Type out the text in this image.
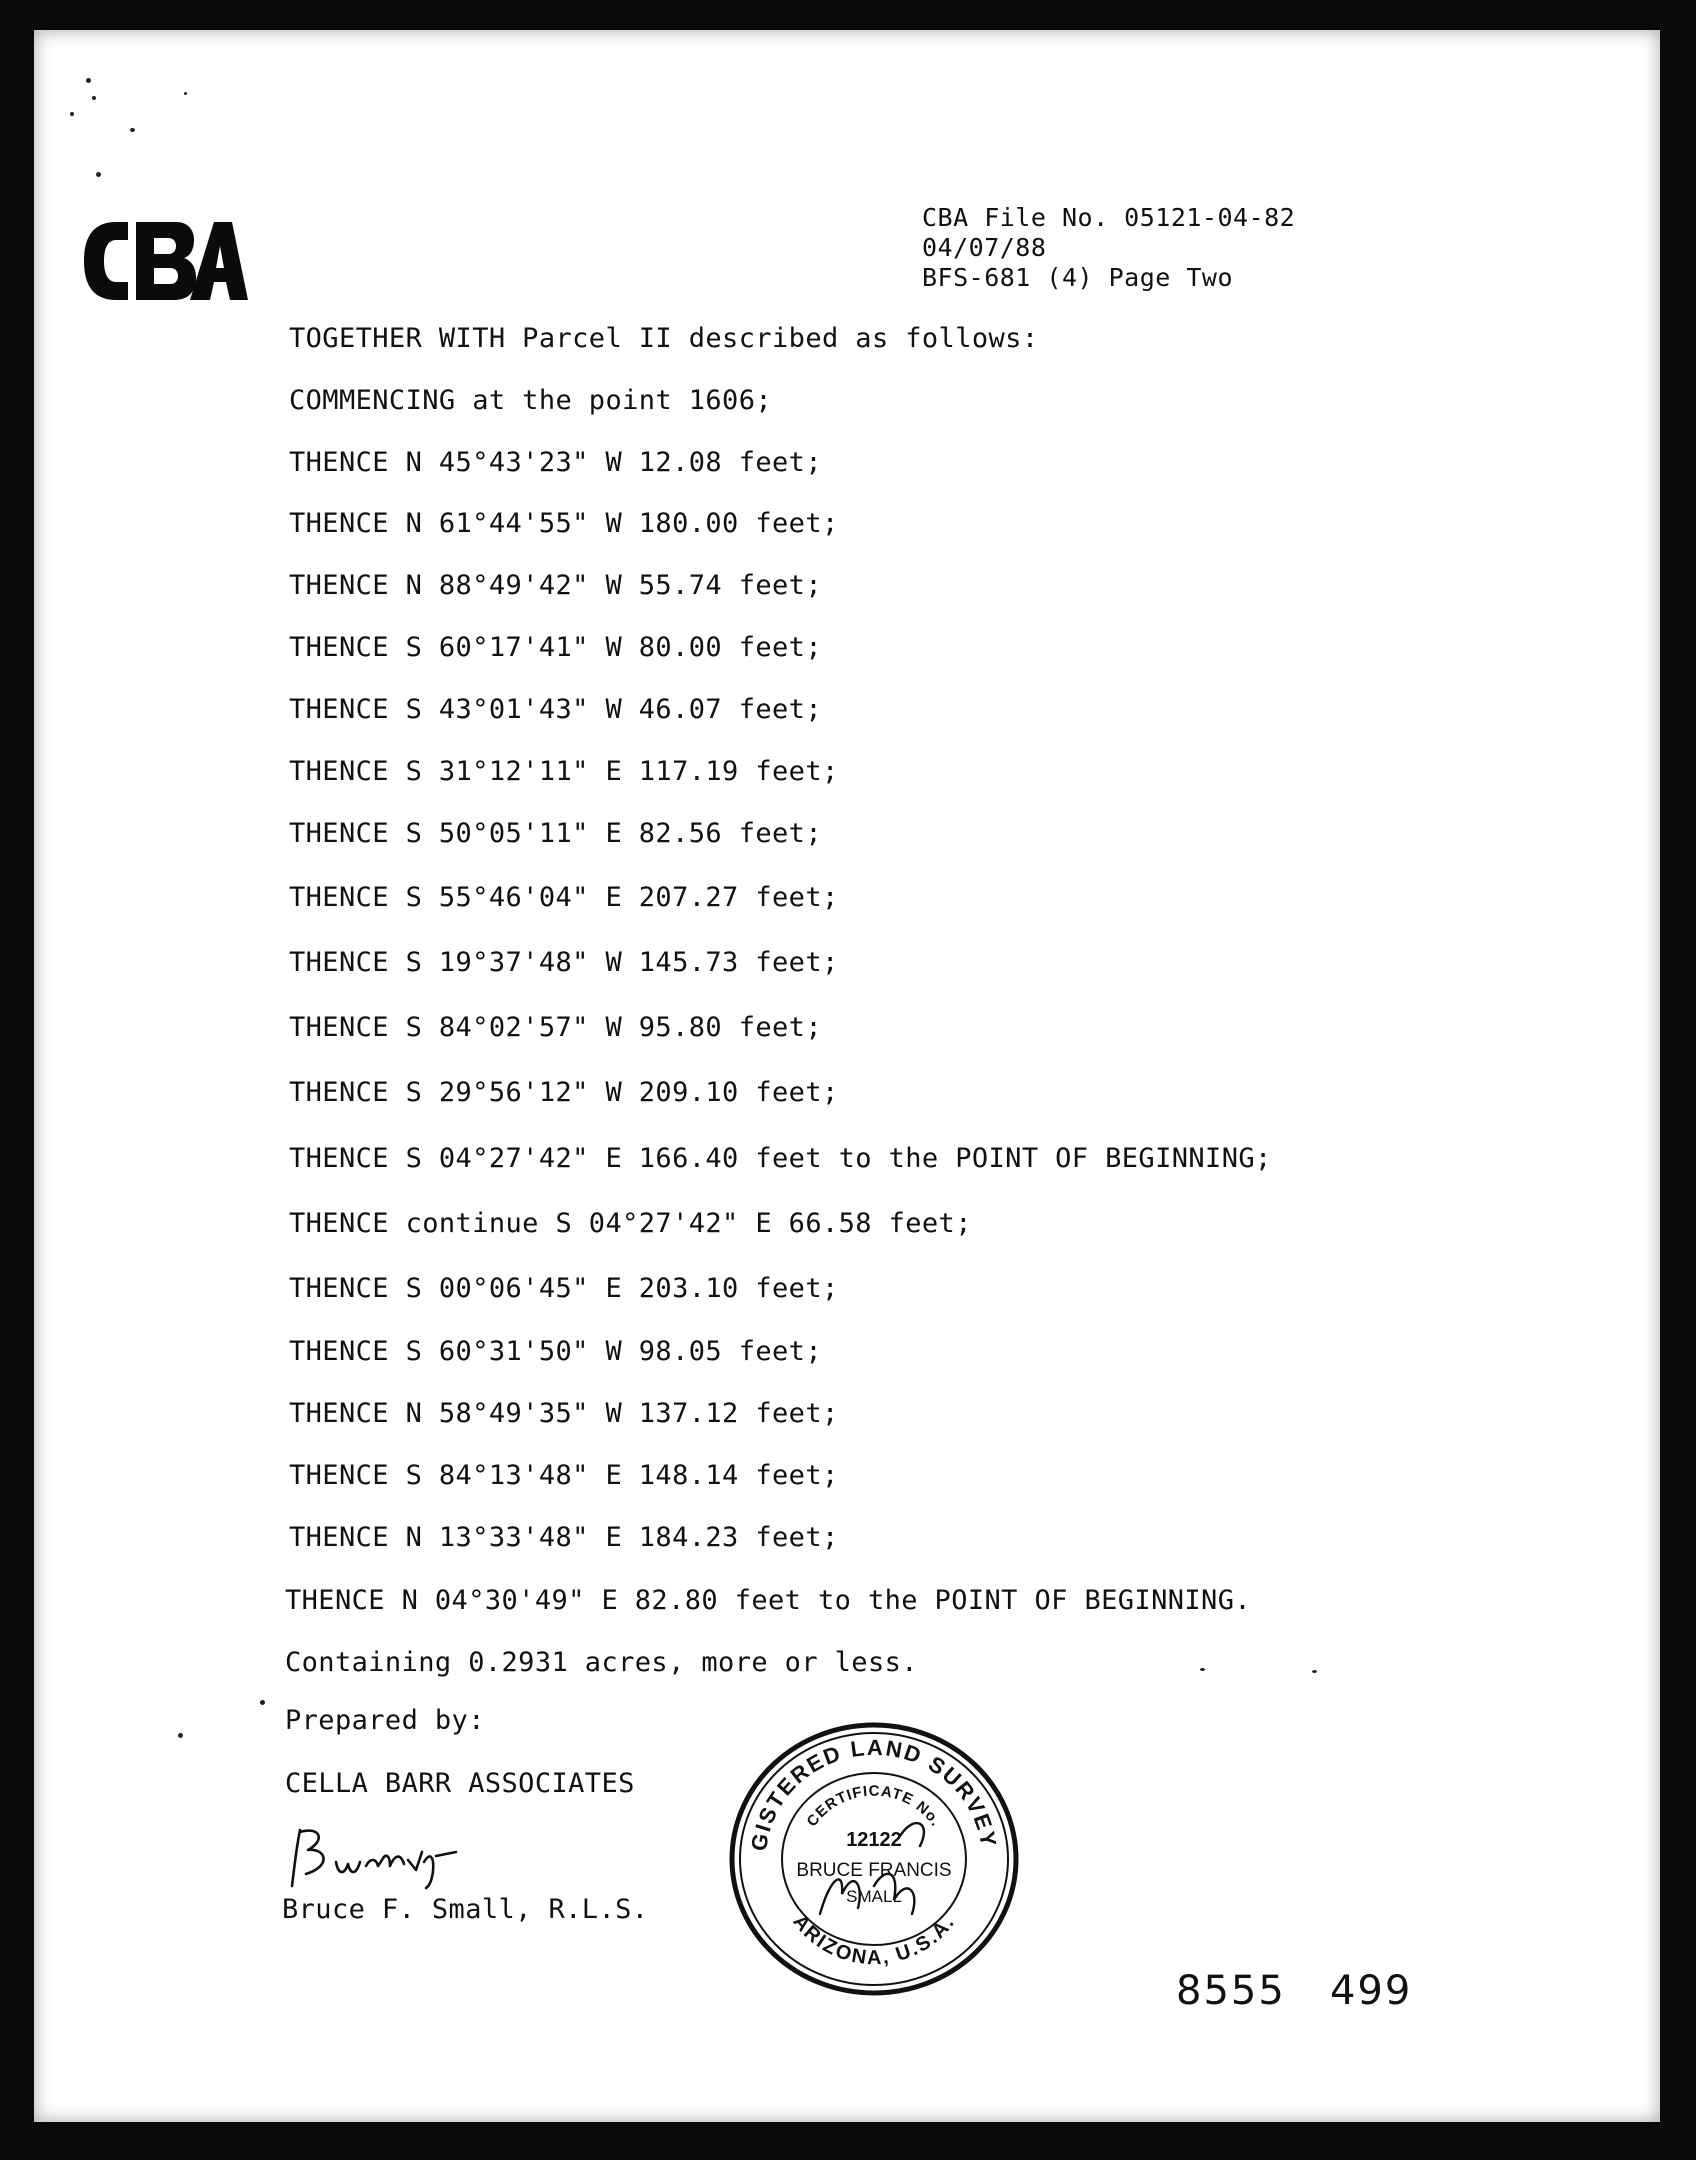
CBA	CBA File No. 05121-04-82
04/07/88
BFS-681 (4) Page Two
TOGETHER WITH Parcel II described as follows:
COMMENCING at the point 1606;
THENCE N 45°43'23" W 12.08 feet;
THENCE N 61°44'55" W 180.00 feet;
THENCE N 88°49'42" W 55.74 feet;
THENCE S 60°17'41" W 80.00 feet;
THENCE S 43°01'43" W 46.07 feet;
THENCE S 31°12'11" E 117.19 feet;
THENCE S 50°05'11" E 82.56 feet;
THENCE S 55°46'04" E 207.27 feet;
THENCE S 19°37'48" W 145.73 feet;
THENCE S 84°02'57" W 95.80 feet;
THENCE S 29°56'12" W 209.10 feet;
THENCE S 04°27'42" E 166.40 feet to the POINT OF BEGINNING;
THENCE continue S 04°27'42" E 66.58 feet;
THENCE S 00°06'45" E 203.10 feet;
THENCE S 60°31'50" W 98.05 feet;
THENCE N 58°49'35" W 137.12 feet;
THENCE S 84°13'48" E 148.14 feet;
THENCE N 13°33'48" E 184.23 feet;
THENCE N 04°30'49" E 82.80 feet to the POINT OF BEGINNING.
Containing 0.2931 acres, more or less.
Prepared by:
CELLA BARR ASSOCIATES
Bruce F. Small, R.L.S.
GISTERED LAND SURVEY
ARIZONA, U.S.A.
CERTIFICATE No.
12122
BRUCE FRANCIS
SMALL
8555   499
